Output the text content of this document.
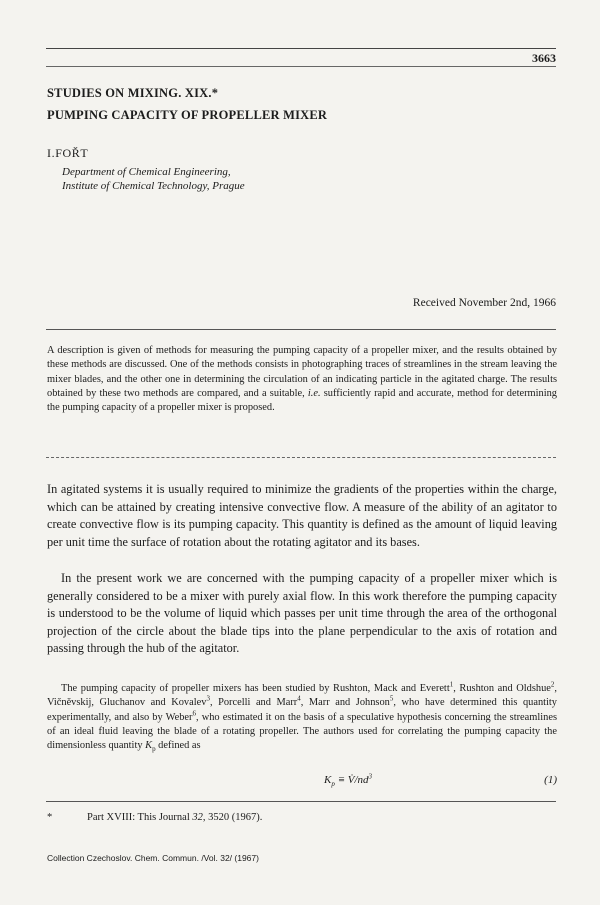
3663
STUDIES ON MIXING. XIX.*
PUMPING CAPACITY OF PROPELLER MIXER
I.FOŘT
Department of Chemical Engineering,
Institute of Chemical Technology, Prague
Received November 2nd, 1966
A description is given of methods for measuring the pumping capacity of a propeller mixer, and the results obtained by these methods are discussed. One of the methods consists in photographing traces of streamlines in the stream leaving the mixer blades, and the other one in determining the circulation of an indicating particle in the agitated charge. The results obtained by these two methods are compared, and a suitable, i.e. sufficiently rapid and accurate, method for determining the pumping capacity of a propeller mixer is proposed.
In agitated systems it is usually required to minimize the gradients of the properties within the charge, which can be attained by creating intensive convective flow. A measure of the ability of an agitator to create convective flow is its pumping capacity. This quantity is defined as the amount of liquid leaving per unit time the surface of rotation about the rotating agitator and its bases.
In the present work we are concerned with the pumping capacity of a propeller mixer which is generally considered to be a mixer with purely axial flow. In this work therefore the pumping capacity is understood to be the volume of liquid which passes per unit time through the area of the orthogonal projection of the circle about the blade tips into the plane perpendicular to the axis of rotation and passing through the hub of the agitator.
The pumping capacity of propeller mixers has been studied by Rushton, Mack and Everett$^1$, Rushton and Oldshue$^2$, Vičněvskij, Gluchanov and Kovalev$^3$, Porcelli and Marr$^4$, Marr and Johnson$^5$, who have determined this quantity experimentally, and also by Weber$^6$, who estimated it on the basis of a speculative hypothesis concerning the streamlines of an ideal fluid leaving the blade of a rotating propeller. The authors used for correlating the pumping capacity the dimensionless quantity $K_p$ defined as
$K_p$ ≡ $V̇/nd^3$	(1)
*	Part XVIII: This Journal 32, 3520 (1967).
Collection Czechoslov. Chem. Commun. /Vol. 32/ (1967)
